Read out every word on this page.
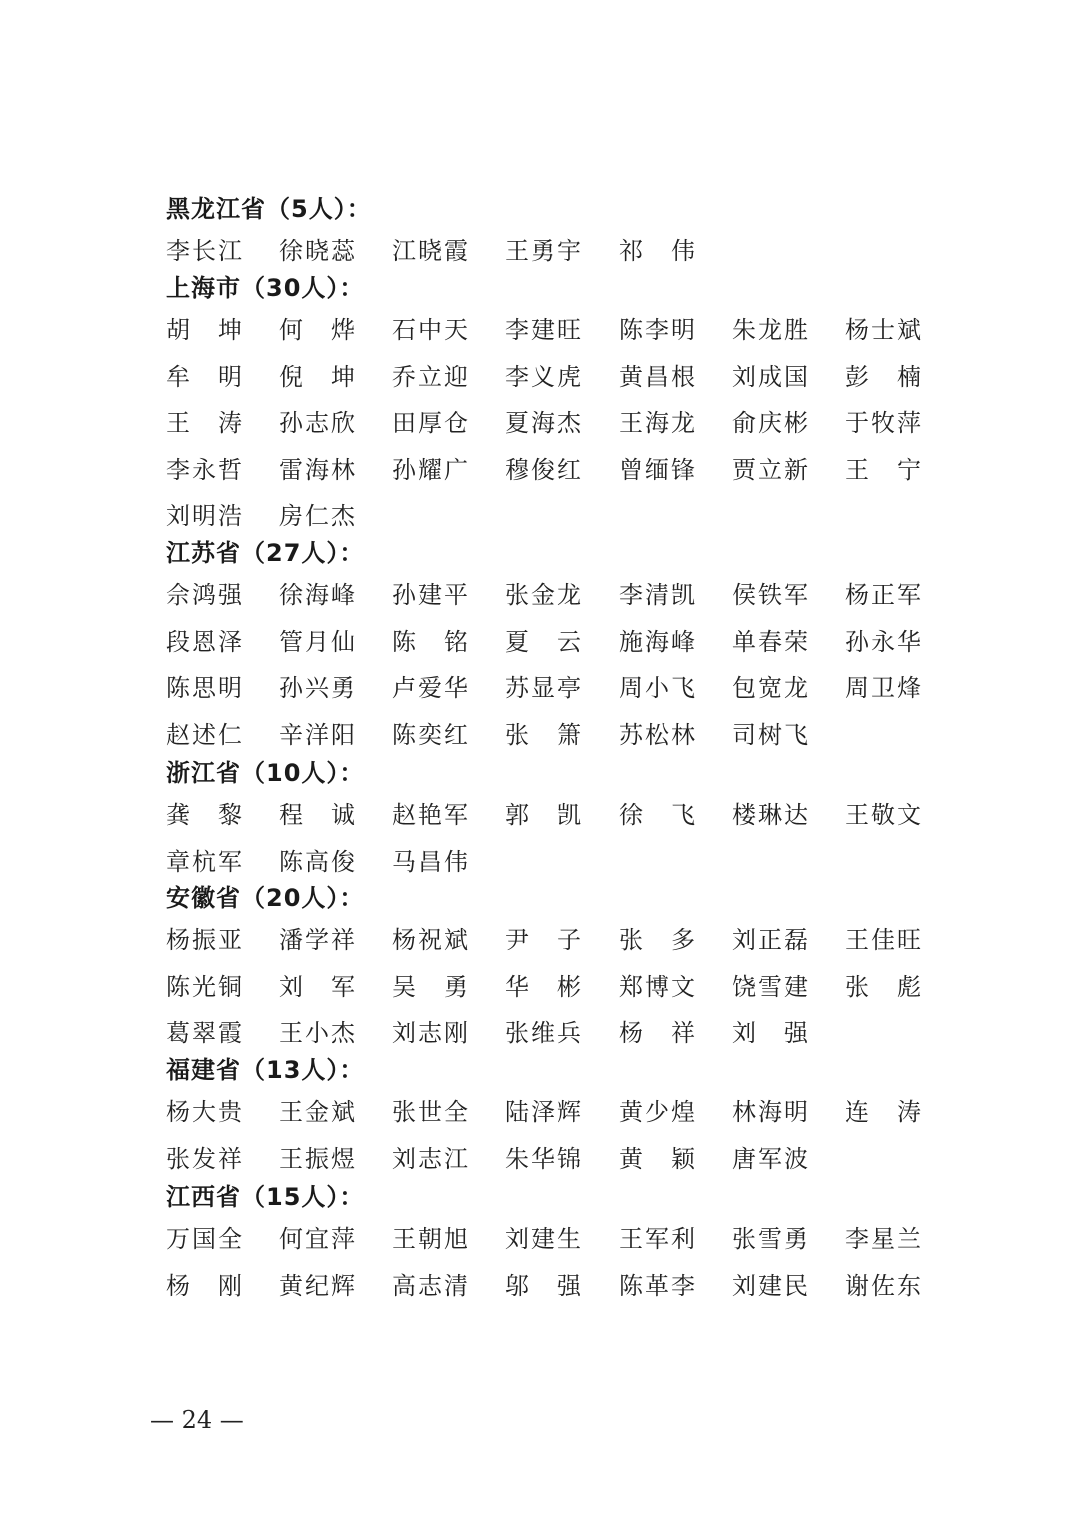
黑龙江省（5人）：
李长江 徐晓蕊 江晓霞 王勇宇 祁 伟
上海市（30人）：
胡 坤 何 烨 石中天 李建旺 陈李明 朱龙胜 杨士斌
牟 明 倪 坤 乔立迎 李义虎 黄昌根 刘成国 彭 楠
王 涛 孙志欣 田厚仓 夏海杰 王海龙 俞庆彬 于牧萍
李永哲 雷海林 孙耀广 穆俊红 曾缅锋 贾立新 王 宁
刘明浩 房仁杰
江苏省（27人）：
佘鸿强 徐海峰 孙建平 张金龙 李清凯 侯铁军 杨正军
段恩泽 管月仙 陈 铭 夏 云 施海峰 单春荣 孙永华
陈思明 孙兴勇 卢爱华 苏显亭 周小飞 包宽龙 周卫烽
赵述仁 辛洋阳 陈奕红 张 箫 苏松林 司树飞
浙江省（10人）：
龚 黎 程 诚 赵艳军 郭 凯 徐 飞 楼琳达 王敬文
章杭军 陈高俊 马昌伟
安徽省（20人）：
杨振亚 潘学祥 杨祝斌 尹 子 张 多 刘正磊 王佳旺
陈光铜 刘 军 吴 勇 华 彬 郑博文 饶雪建 张 彪
葛翠霞 王小杰 刘志刚 张维兵 杨 祥 刘 强
福建省（13人）：
杨大贵 王金斌 张世全 陆泽辉 黄少煌 林海明 连 涛
张发祥 王振煜 刘志江 朱华锦 黄 颖 唐军波
江西省（15人）：
万国全 何宜萍 王朝旭 刘建生 王军利 张雪勇 李星兰
杨 刚 黄纪辉 高志清 邬 强 陈革李 刘建民 谢佐东
— 24 —
